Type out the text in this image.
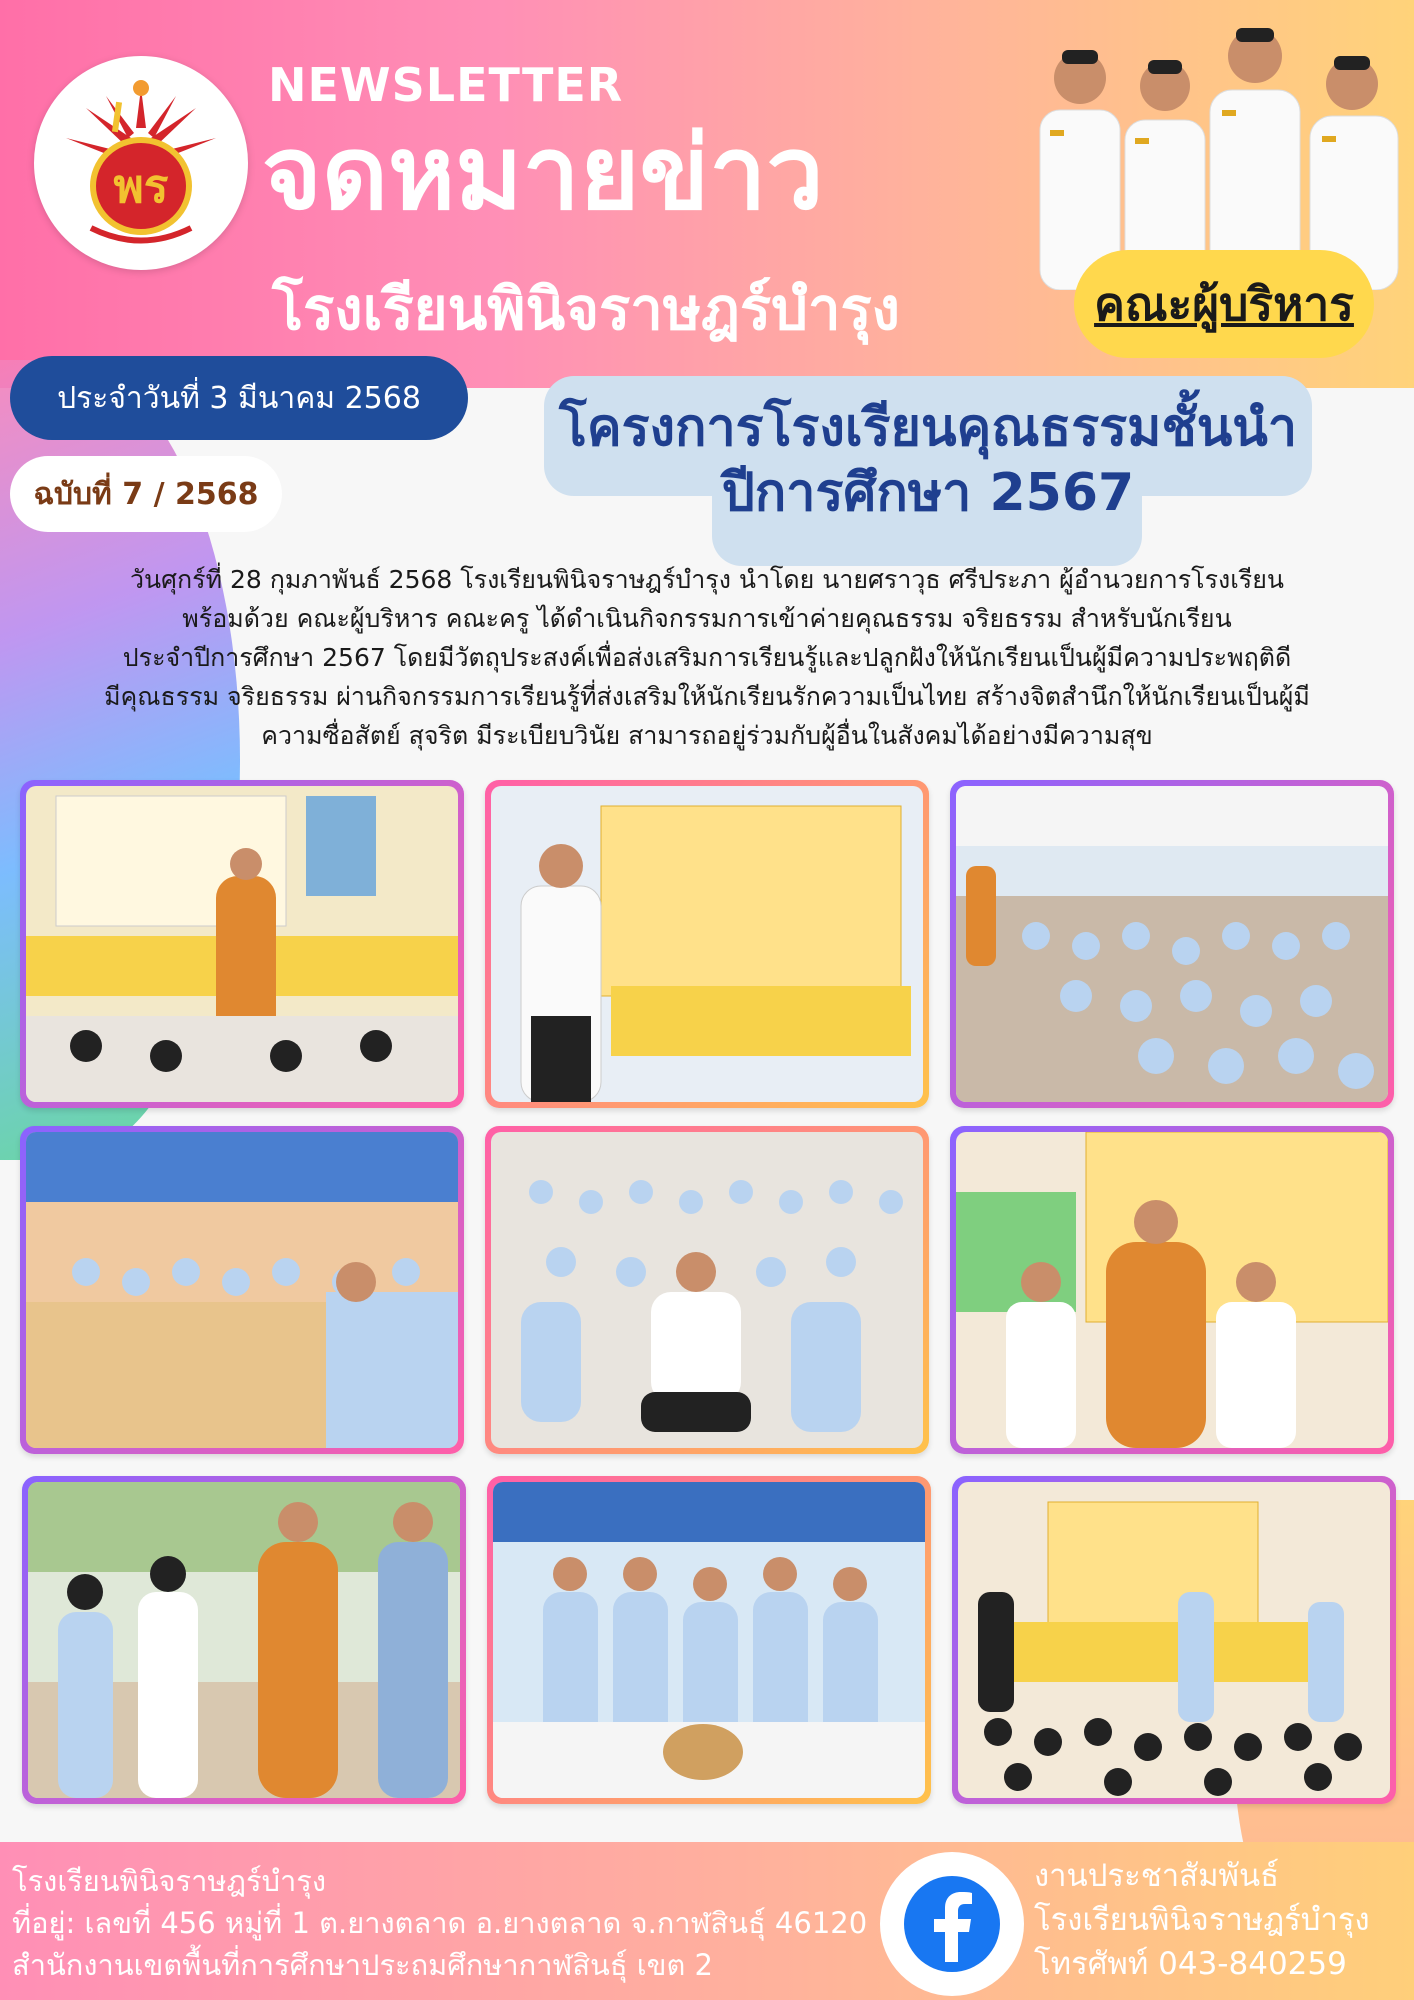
พร
NEWSLETTER
จดหมายข่าว
โรงเรียนพินิจราษฎร์บำรุง	คณะผู้บริหาร
ประจำวันที่ 3 มีนาคม 2568
ฉบับที่ 7 / 2568
โครงการโรงเรียนคุณธรรมชั้นนำ
ปีการศึกษา 2567
วันศุกร์ที่ 28 กุมภาพันธ์ 2568 โรงเรียนพินิจราษฎร์บำรุง นำโดย นายศราวุธ ศรีประภา ผู้อำนวยการโรงเรียน
พร้อมด้วย คณะผู้บริหาร คณะครู ได้ดำเนินกิจกรรมการเข้าค่ายคุณธรรม จริยธรรม สำหรับนักเรียน
ประจำปีการศึกษา 2567 โดยมีวัตถุประสงค์เพื่อส่งเสริมการเรียนรู้และปลูกฝังให้นักเรียนเป็นผู้มีความประพฤติดี
มีคุณธรรม จริยธรรม ผ่านกิจกรรมการเรียนรู้ที่ส่งเสริมให้นักเรียนรักความเป็นไทย สร้างจิตสำนึกให้นักเรียนเป็นผู้มี
ความซื่อสัตย์ สุจริต มีระเบียบวินัย สามารถอยู่ร่วมกับผู้อื่นในสังคมได้อย่างมีความสุข
โรงเรียนพินิจราษฎร์บำรุง
ที่อยู่: เลขที่ 456 หมู่ที่ 1 ต.ยางตลาด อ.ยางตลาด จ.กาฬสินธุ์ 46120
สำนักงานเขตพื้นที่การศึกษาประถมศึกษากาฬสินธุ์ เขต 2
งานประชาสัมพันธ์
โรงเรียนพินิจราษฎร์บำรุง
โทรศัพท์ 043-840259
